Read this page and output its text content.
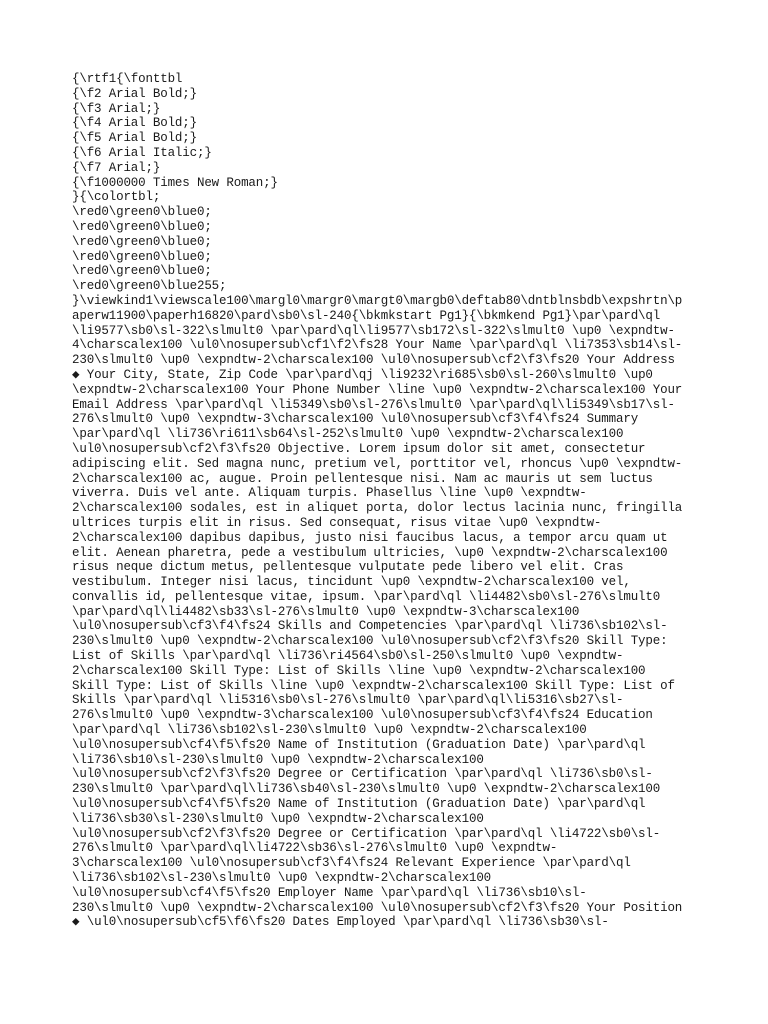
{\rtf1{\fonttbl
{\f2 Arial Bold;}
{\f3 Arial;}
{\f4 Arial Bold;}
{\f5 Arial Bold;}
{\f6 Arial Italic;}
{\f7 Arial;}
{\f1000000 Times New Roman;}
}{\colortbl;
\red0\green0\blue0;
\red0\green0\blue0;
\red0\green0\blue0;
\red0\green0\blue0;
\red0\green0\blue0;
\red0\green0\blue255;
}\viewkind1\viewscale100\margl0\margr0\margt0\margb0\deftab80\dntblnsbdb\expshrtn\p
aperw11900\paperh16820\pard\sb0\sl-240{\bkmkstart Pg1}{\bkmkend Pg1}\par\pard\ql
\li9577\sb0\sl-322\slmult0 \par\pard\ql\li9577\sb172\sl-322\slmult0 \up0 \expndtw-
4\charscalex100 \ul0\nosupersub\cf1\f2\fs28 Your Name \par\pard\ql \li7353\sb14\sl-
230\slmult0 \up0 \expndtw-2\charscalex100 \ul0\nosupersub\cf2\f3\fs20 Your Address
◆ Your City, State, Zip Code \par\pard\qj \li9232\ri685\sb0\sl-260\slmult0 \up0
\expndtw-2\charscalex100 Your Phone Number \line \up0 \expndtw-2\charscalex100 Your
Email Address \par\pard\ql \li5349\sb0\sl-276\slmult0 \par\pard\ql\li5349\sb17\sl-
276\slmult0 \up0 \expndtw-3\charscalex100 \ul0\nosupersub\cf3\f4\fs24 Summary
\par\pard\ql \li736\ri611\sb64\sl-252\slmult0 \up0 \expndtw-2\charscalex100
\ul0\nosupersub\cf2\f3\fs20 Objective. Lorem ipsum dolor sit amet, consectetur
adipiscing elit. Sed magna nunc, pretium vel, porttitor vel, rhoncus \up0 \expndtw-
2\charscalex100 ac, augue. Proin pellentesque nisi. Nam ac mauris ut sem luctus
viverra. Duis vel ante. Aliquam turpis. Phasellus \line \up0 \expndtw-
2\charscalex100 sodales, est in aliquet porta, dolor lectus lacinia nunc, fringilla
ultrices turpis elit in risus. Sed consequat, risus vitae \up0 \expndtw-
2\charscalex100 dapibus dapibus, justo nisi faucibus lacus, a tempor arcu quam ut
elit. Aenean pharetra, pede a vestibulum ultricies, \up0 \expndtw-2\charscalex100
risus neque dictum metus, pellentesque vulputate pede libero vel elit. Cras
vestibulum. Integer nisi lacus, tincidunt \up0 \expndtw-2\charscalex100 vel,
convallis id, pellentesque vitae, ipsum. \par\pard\ql \li4482\sb0\sl-276\slmult0
\par\pard\ql\li4482\sb33\sl-276\slmult0 \up0 \expndtw-3\charscalex100
\ul0\nosupersub\cf3\f4\fs24 Skills and Competencies \par\pard\ql \li736\sb102\sl-
230\slmult0 \up0 \expndtw-2\charscalex100 \ul0\nosupersub\cf2\f3\fs20 Skill Type:
List of Skills \par\pard\ql \li736\ri4564\sb0\sl-250\slmult0 \up0 \expndtw-
2\charscalex100 Skill Type: List of Skills \line \up0 \expndtw-2\charscalex100
Skill Type: List of Skills \line \up0 \expndtw-2\charscalex100 Skill Type: List of
Skills \par\pard\ql \li5316\sb0\sl-276\slmult0 \par\pard\ql\li5316\sb27\sl-
276\slmult0 \up0 \expndtw-3\charscalex100 \ul0\nosupersub\cf3\f4\fs24 Education
\par\pard\ql \li736\sb102\sl-230\slmult0 \up0 \expndtw-2\charscalex100
\ul0\nosupersub\cf4\f5\fs20 Name of Institution (Graduation Date) \par\pard\ql
\li736\sb10\sl-230\slmult0 \up0 \expndtw-2\charscalex100
\ul0\nosupersub\cf2\f3\fs20 Degree or Certification \par\pard\ql \li736\sb0\sl-
230\slmult0 \par\pard\ql\li736\sb40\sl-230\slmult0 \up0 \expndtw-2\charscalex100
\ul0\nosupersub\cf4\f5\fs20 Name of Institution (Graduation Date) \par\pard\ql
\li736\sb30\sl-230\slmult0 \up0 \expndtw-2\charscalex100
\ul0\nosupersub\cf2\f3\fs20 Degree or Certification \par\pard\ql \li4722\sb0\sl-
276\slmult0 \par\pard\ql\li4722\sb36\sl-276\slmult0 \up0 \expndtw-
3\charscalex100 \ul0\nosupersub\cf3\f4\fs24 Relevant Experience \par\pard\ql
\li736\sb102\sl-230\slmult0 \up0 \expndtw-2\charscalex100
\ul0\nosupersub\cf4\f5\fs20 Employer Name \par\pard\ql \li736\sb10\sl-
230\slmult0 \up0 \expndtw-2\charscalex100 \ul0\nosupersub\cf2\f3\fs20 Your Position
◆ \ul0\nosupersub\cf5\f6\fs20 Dates Employed \par\pard\ql \li736\sb30\sl-
